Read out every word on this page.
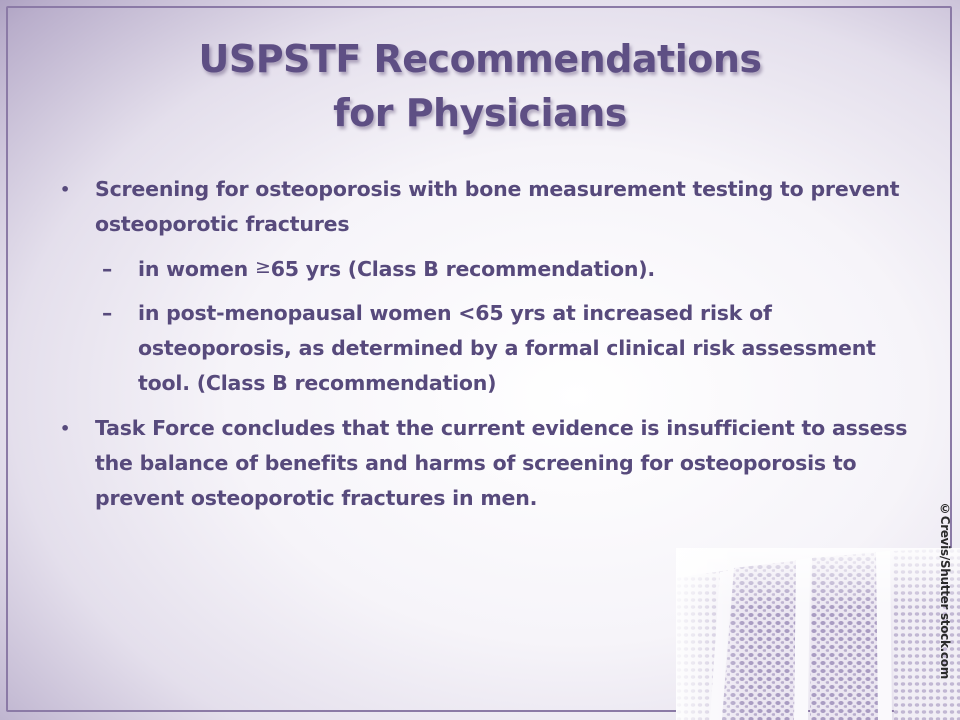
USPSTF Recommendations
for Physicians
• Screening for osteoporosis with bone measurement testing to prevent osteoporotic fractures
– in women ≥65 yrs (Class B recommendation).
– in post-menopausal women <65 yrs at increased risk of osteoporosis, as determined by a formal clinical risk assessment tool. (Class B recommendation)
• Task Force concludes that the current evidence is insufficient to assess the balance of benefits and harms of screening for osteoporosis to prevent osteoporotic fractures in men.
©Crevis/Shutter stock.com
